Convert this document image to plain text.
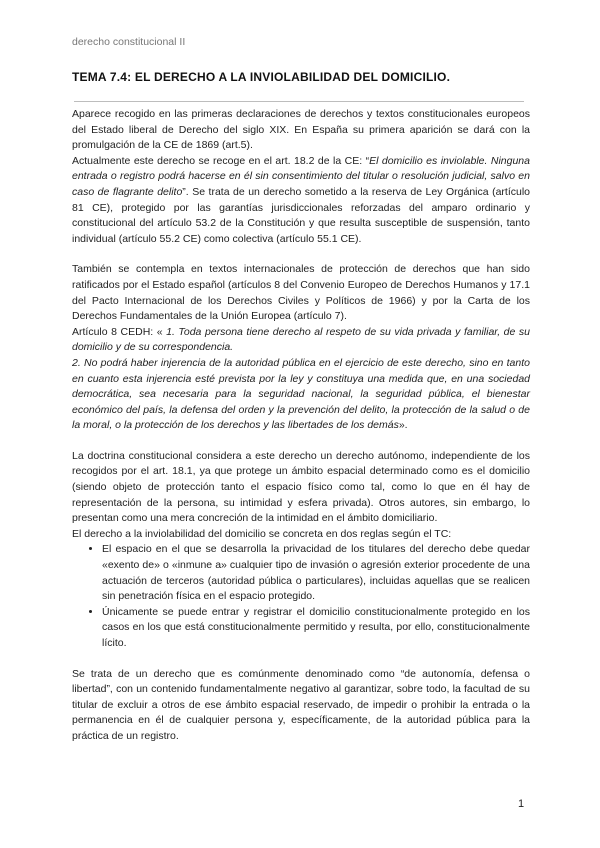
derecho constitucional II
TEMA 7.4: EL DERECHO A LA INVIOLABILIDAD DEL DOMICILIO.

Aparece recogido en las primeras declaraciones de derechos y textos constitucionales europeos del Estado liberal de Derecho del siglo XIX. En España su primera aparición se dará con la promulgación de la CE de 1869 (art.5).

Actualmente este derecho se recoge en el art. 18.2 de la CE: “El domicilio es inviolable. Ninguna entrada o registro podrá hacerse en él sin consentimiento del titular o resolución judicial, salvo en caso de flagrante delito”. Se trata de un derecho sometido a la reserva de Ley Orgánica (artículo 81 CE), protegido por las garantías jurisdiccionales reforzadas del amparo ordinario y constitucional del artículo 53.2 de la Constitución y que resulta susceptible de suspensión, tanto individual (artículo 55.2 CE) como colectiva (artículo 55.1 CE).

También se contempla en textos internacionales de protección de derechos que han sido ratificados por el Estado español (artículos 8 del Convenio Europeo de Derechos Humanos y 17.1 del Pacto Internacional de los Derechos Civiles y Políticos de 1966) y por la Carta de los Derechos Fundamentales de la Unión Europea (artículo 7).

Artículo 8 CEDH: « 1. Toda persona tiene derecho al respeto de su vida privada y familiar, de su domicilio y de su correspondencia.

2. No podrá haber injerencia de la autoridad pública en el ejercicio de este derecho, sino en tanto en cuanto esta injerencia esté prevista por la ley y constituya una medida que, en una sociedad democrática, sea necesaria para la seguridad nacional, la seguridad pública, el bienestar económico del país, la defensa del orden y la prevención del delito, la protección de la salud o de la moral, o la protección de los derechos y las libertades de los demás».

La doctrina constitucional considera a este derecho un derecho autónomo, independiente de los recogidos por el art. 18.1, ya que protege un ámbito espacial determinado como es el domicilio (siendo objeto de protección tanto el espacio físico como tal, como lo que en él hay de representación de la persona, su intimidad y esfera privada). Otros autores, sin embargo, lo presentan como una mera concreción de la intimidad en el ámbito domiciliario.

El derecho a la inviolabilidad del domicilio se concreta en dos reglas según el TC:

• El espacio en el que se desarrolla la privacidad de los titulares del derecho debe quedar «exento de» o «inmune a» cualquier tipo de invasión o agresión exterior procedente de una actuación de terceros (autoridad pública o particulares), incluidas aquellas que se realicen sin penetración física en el espacio protegido.
• Únicamente se puede entrar y registrar el domicilio constitucionalmente protegido en los casos en los que está constitucionalmente permitido y resulta, por ello, constitucionalmente lícito.

Se trata de un derecho que es comúnmente denominado como “de autonomía, defensa o libertad”, con un contenido fundamentalmente negativo al garantizar, sobre todo, la facultad de su titular de excluir a otros de ese ámbito espacial reservado, de impedir o prohibir la entrada o la permanencia en él de cualquier persona y, específicamente, de la autoridad pública para la práctica de un registro.

1
